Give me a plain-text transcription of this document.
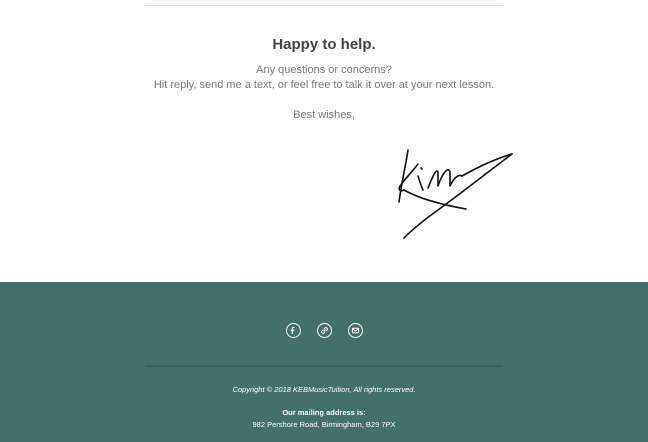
Happy to help.
Any questions or concerns?
Hit reply, send me a text, or feel free to talk it over at your next lesson.
Best wishes,
Copyright © 2018 KEBMusicTuition, All rights reserved.
Our mailing address is:
982 Pershore Road, Birmingham, B29 7PX
